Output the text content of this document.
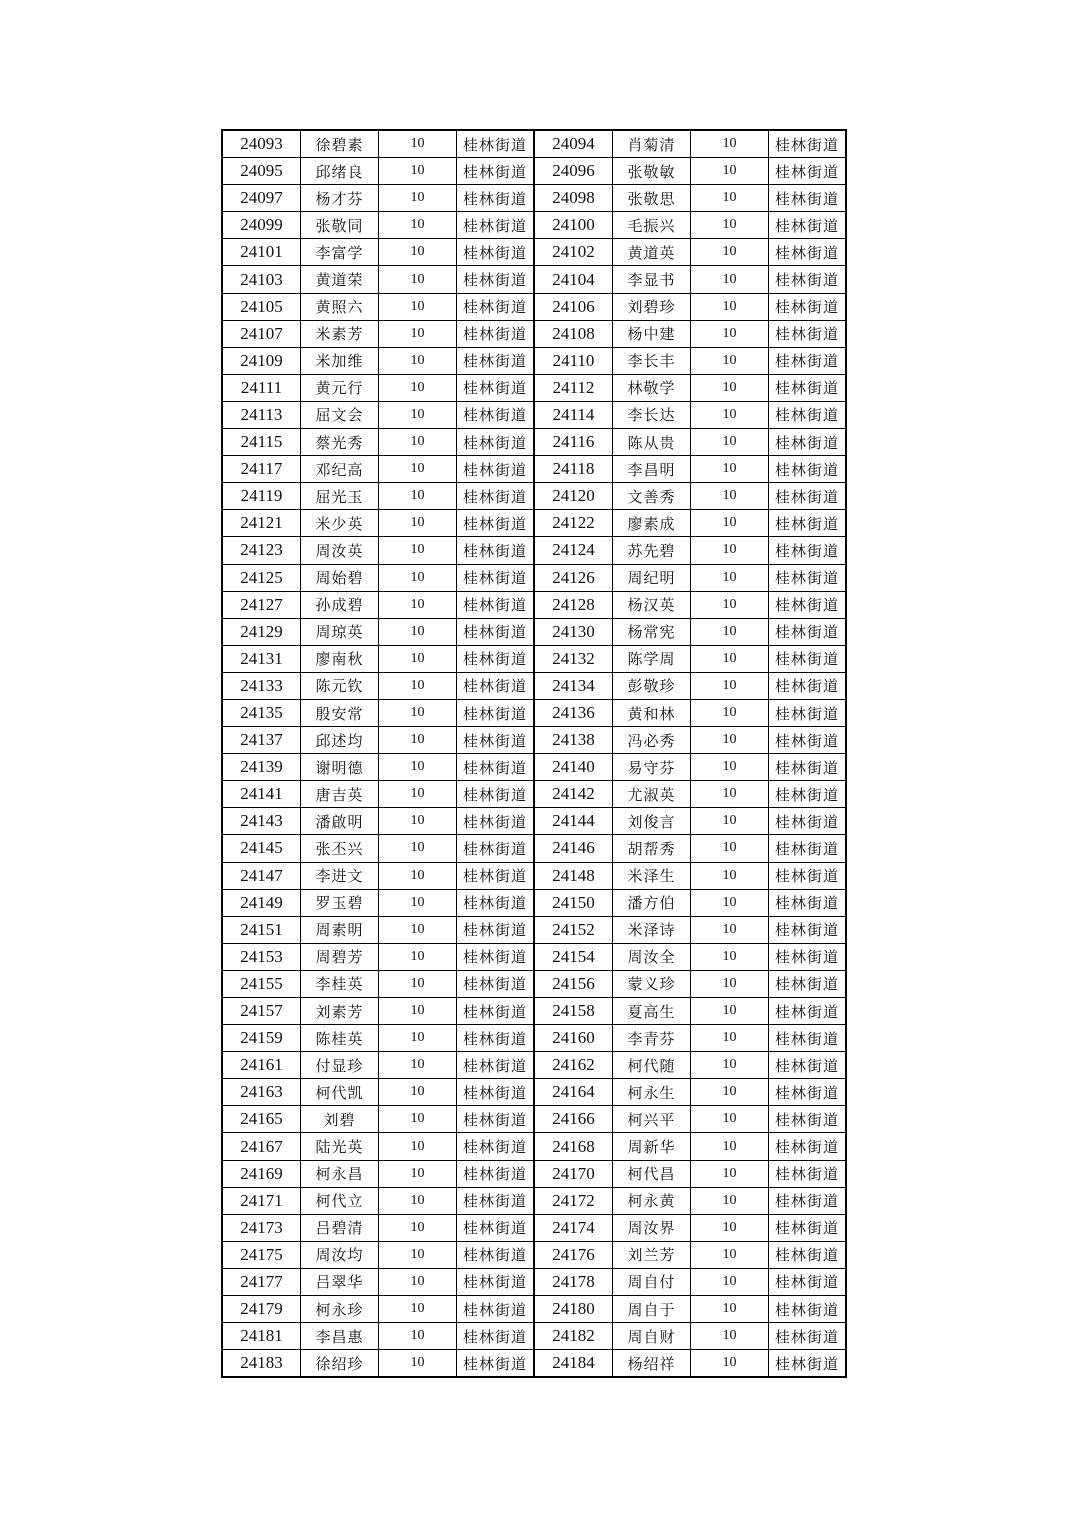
24093	徐碧素	10	桂林街道	24094	肖菊清	10	桂林街道
24095	邱绪良	10	桂林街道	24096	张敬敏	10	桂林街道
24097	杨才芬	10	桂林街道	24098	张敬思	10	桂林街道
24099	张敬同	10	桂林街道	24100	毛振兴	10	桂林街道
24101	李富学	10	桂林街道	24102	黄道英	10	桂林街道
24103	黄道荣	10	桂林街道	24104	李显书	10	桂林街道
24105	黄照六	10	桂林街道	24106	刘碧珍	10	桂林街道
24107	米素芳	10	桂林街道	24108	杨中建	10	桂林街道
24109	米加维	10	桂林街道	24110	李长丰	10	桂林街道
24111	黄元行	10	桂林街道	24112	林敬学	10	桂林街道
24113	屈文会	10	桂林街道	24114	李长达	10	桂林街道
24115	蔡光秀	10	桂林街道	24116	陈从贵	10	桂林街道
24117	邓纪高	10	桂林街道	24118	李昌明	10	桂林街道
24119	屈光玉	10	桂林街道	24120	文善秀	10	桂林街道
24121	米少英	10	桂林街道	24122	廖素成	10	桂林街道
24123	周汝英	10	桂林街道	24124	苏先碧	10	桂林街道
24125	周始碧	10	桂林街道	24126	周纪明	10	桂林街道
24127	孙成碧	10	桂林街道	24128	杨汉英	10	桂林街道
24129	周琼英	10	桂林街道	24130	杨常宪	10	桂林街道
24131	廖南秋	10	桂林街道	24132	陈学周	10	桂林街道
24133	陈元钦	10	桂林街道	24134	彭敬珍	10	桂林街道
24135	殷安常	10	桂林街道	24136	黄和林	10	桂林街道
24137	邱述均	10	桂林街道	24138	冯必秀	10	桂林街道
24139	谢明德	10	桂林街道	24140	易守芬	10	桂林街道
24141	唐吉英	10	桂林街道	24142	尤淑英	10	桂林街道
24143	潘啟明	10	桂林街道	24144	刘俊言	10	桂林街道
24145	张丕兴	10	桂林街道	24146	胡帮秀	10	桂林街道
24147	李进文	10	桂林街道	24148	米泽生	10	桂林街道
24149	罗玉碧	10	桂林街道	24150	潘方伯	10	桂林街道
24151	周素明	10	桂林街道	24152	米泽诗	10	桂林街道
24153	周碧芳	10	桂林街道	24154	周汝全	10	桂林街道
24155	李桂英	10	桂林街道	24156	蒙义珍	10	桂林街道
24157	刘素芳	10	桂林街道	24158	夏高生	10	桂林街道
24159	陈桂英	10	桂林街道	24160	李青芬	10	桂林街道
24161	付显珍	10	桂林街道	24162	柯代随	10	桂林街道
24163	柯代凯	10	桂林街道	24164	柯永生	10	桂林街道
24165	刘碧	10	桂林街道	24166	柯兴平	10	桂林街道
24167	陆光英	10	桂林街道	24168	周新华	10	桂林街道
24169	柯永昌	10	桂林街道	24170	柯代昌	10	桂林街道
24171	柯代立	10	桂林街道	24172	柯永黄	10	桂林街道
24173	吕碧清	10	桂林街道	24174	周汝界	10	桂林街道
24175	周汝均	10	桂林街道	24176	刘兰芳	10	桂林街道
24177	吕翠华	10	桂林街道	24178	周自付	10	桂林街道
24179	柯永珍	10	桂林街道	24180	周自于	10	桂林街道
24181	李昌惠	10	桂林街道	24182	周自财	10	桂林街道
24183	徐绍珍	10	桂林街道	24184	杨绍祥	10	桂林街道
